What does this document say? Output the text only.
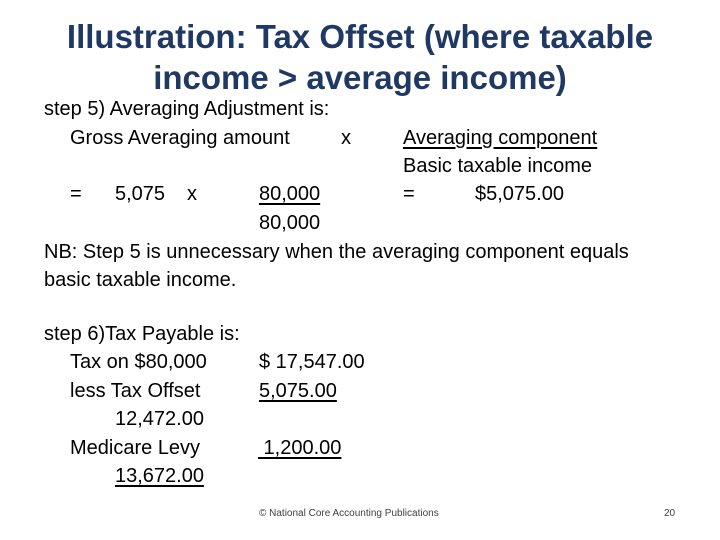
Illustration: Tax Offset (where taxable
income > average income)
step 5) Averaging Adjustment is:
Gross Averaging amount	x	Averaging component
Basic taxable income
= 5,075 x	80,000	=	$5,075.00
80,000
NB: Step 5 is unnecessary when the averaging component equals
basic taxable income.
step 6)Tax Payable is:
Tax on $80,000	$ 17,547.00
less Tax Offset	5,075.00
12,472.00
Medicare Levy	1,200.00
13,672.00
© National Core Accounting Publications	20
